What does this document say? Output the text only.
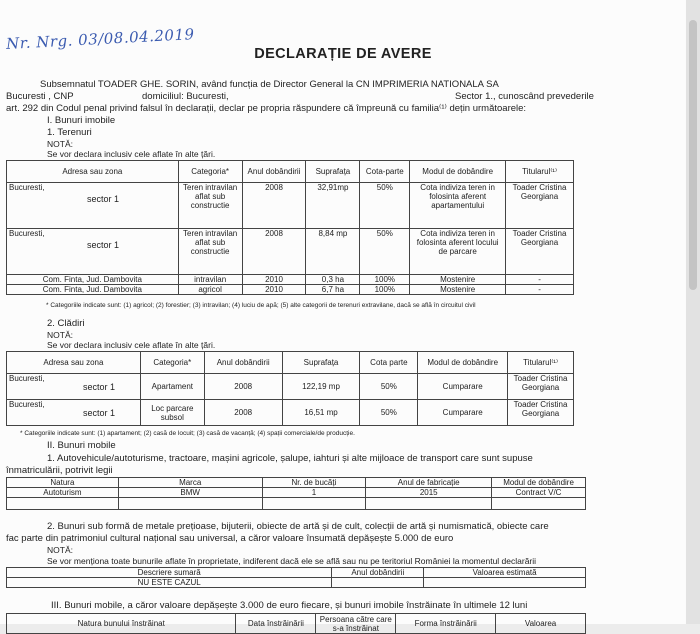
Nr. Nrg. 03/08.04.2019
DECLARAȚIE DE AVERE
Subsemnatul TOADER GHE. SORIN, având funcția de Director General la CN IMPRIMERIA NATIONALA SA
Bucuresti , CNP	domiciliul: Bucuresti,	Sector 1., cunoscând prevederile
art. 292 din Codul penal privind falsul în declarații, declar pe propria răspundere că împreună cu familia⁽¹⁾ dețin următoarele:
I. Bunuri imobile
1. Terenuri
NOTĂ:
Se vor declara inclusiv cele aflate în alte țări.
Adresa sau zona	Categoria*	Anul dobândirii	Suprafața	Cota-parte	Modul de dobândire	Titularul⁽¹⁾

Bucuresti,
sector 1	Teren intravilan aflat sub constructie	2008	32,91mp	50%	Cota indiviza teren in folosinta aferent apartamentului	Toader Cristina Georgiana

Bucuresti,
sector 1	Teren intravilan aflat sub constructie	2008	8,84 mp	50%	Cota indiviza teren in folosinta aferent locului de parcare	Toader Cristina Georgiana
Com. Finta, Jud. Dambovita	intravilan	2010	0,3 ha	100%	Mostenire	-
Com. Finta, Jud. Dambovita	agricol	2010	6,7 ha	100%	Mostenire	-
* Categoriile indicate sunt: (1) agricol; (2) forestier; (3) intravilan; (4) luciu de apă; (5) alte categorii de terenuri extravilane, dacă se află în circuitul civil
2. Clădiri
NOTĂ:
Se vor declara inclusiv cele aflate în alte țări.
Adresa sau zona	Categoria*	Anul dobândirii	Suprafața	Cota parte	Modul de dobândire	Titularul⁽¹⁾

Bucuresti,
sector 1	Apartament	2008	122,19 mp	50%	Cumparare	Toader Cristina Georgiana

Bucuresti,
sector 1	Loc parcare subsol	2008	16,51 mp	50%	Cumparare	Toader Cristina Georgiana
* Categoriile indicate sunt: (1) apartament; (2) casă de locuit; (3) casă de vacanță; (4) spații comerciale/de producție.
II. Bunuri mobile
1. Autovehicule/autoturisme, tractoare, mașini agricole, șalupe, iahturi și alte mijloace de transport care sunt supuse
înmatriculării, potrivit legii
Natura	Marca	Nr. de bucăți	Anul de fabricație	Modul de dobândire
Autoturism	BMW	1	2015	Contract V/C

2. Bunuri sub formă de metale prețioase, bijuterii, obiecte de artă și de cult, colecții de artă și numismatică, obiecte care
fac parte din patrimoniul cultural național sau universal, a căror valoare însumată depășește 5.000 de euro
NOTĂ:
Se vor menționa toate bunurile aflate în proprietate, indiferent dacă ele se află sau nu pe teritoriul României la momentul declarării
Descriere sumară	Anul dobândirii	Valoarea estimată
NU ESTE CAZUL		
III. Bunuri mobile, a căror valoare depășește 3.000 de euro fiecare, și bunuri imobile înstrăinate în ultimele 12 luni
Natura bunului înstrăinat	Data înstrăinării	Persoana către care s-a înstrăinat	Forma înstrăinării	Valoarea
